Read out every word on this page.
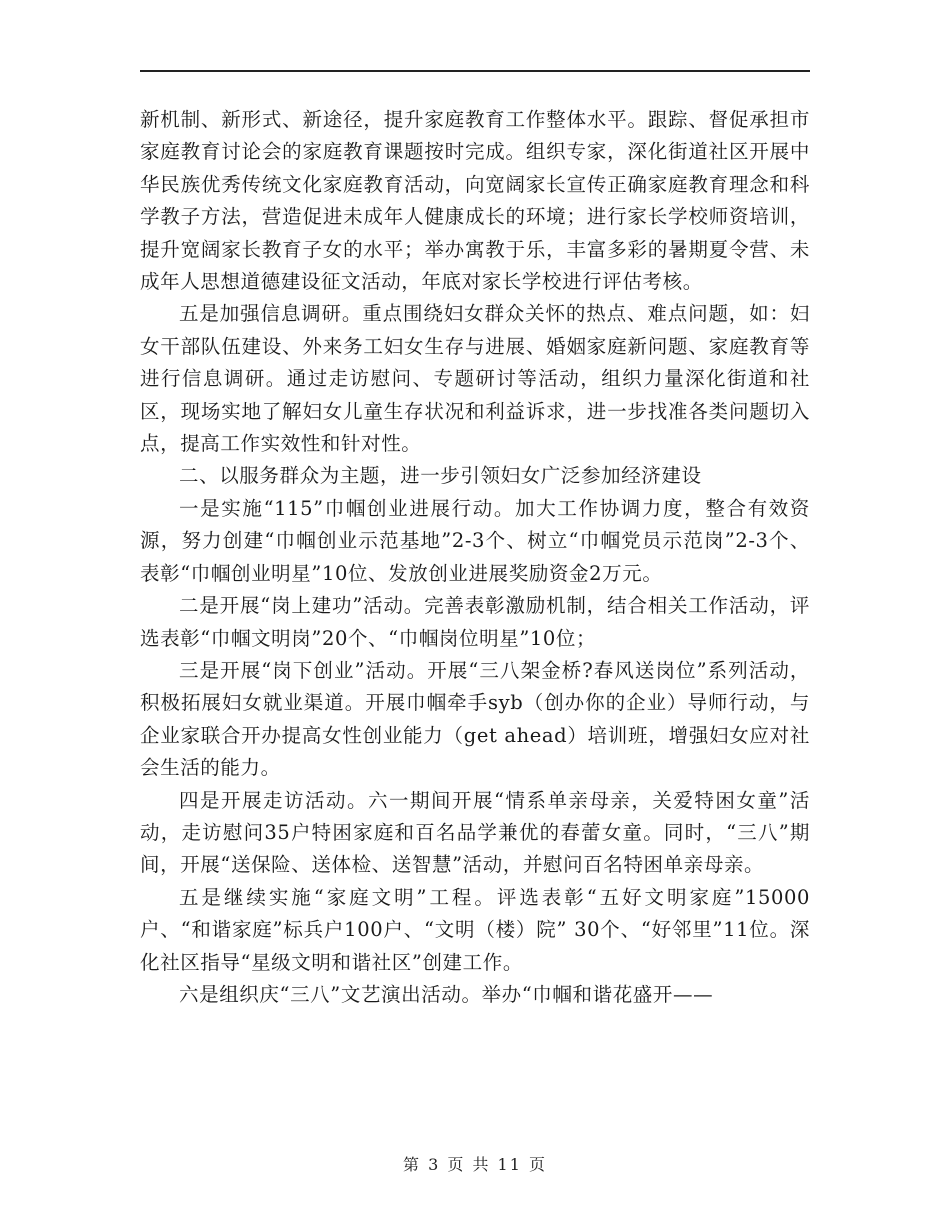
新机制、新形式、新途径，提升家庭教育工作整体水平。跟踪、督促承担市家庭教育讨论会的家庭教育课题按时完成。组织专家，深化街道社区开展中华民族优秀传统文化家庭教育活动，向宽阔家长宣传正确家庭教育理念和科学教子方法，营造促进未成年人健康成长的环境；进行家长学校师资培训，提升宽阔家长教育子女的水平；举办寓教于乐，丰富多彩的暑期夏令营、未成年人思想道德建设征文活动，年底对家长学校进行评估考核。

五是加强信息调研。重点围绕妇女群众关怀的热点、难点问题，如：妇女干部队伍建设、外来务工妇女生存与进展、婚姻家庭新问题、家庭教育等进行信息调研。通过走访慰问、专题研讨等活动，组织力量深化街道和社区，现场实地了解妇女儿童生存状况和利益诉求，进一步找准各类问题切入点，提高工作实效性和针对性。

二、以服务群众为主题，进一步引领妇女广泛参加经济建设

一是实施“115”巾帼创业进展行动。加大工作协调力度，整合有效资源，努力创建“巾帼创业示范基地”2-3个、树立“巾帼党员示范岗”2-3个、表彰“巾帼创业明星”10位、发放创业进展奖励资金2万元。

二是开展“岗上建功”活动。完善表彰激励机制，结合相关工作活动，评选表彰“巾帼文明岗”20个、“巾帼岗位明星”10位；

三是开展“岗下创业”活动。开展“三八架金桥?春风送岗位”系列活动，积极拓展妇女就业渠道。开展巾帼牵手syb（创办你的企业）导师行动，与企业家联合开办提高女性创业能力（get ahead）培训班，增强妇女应对社会生活的能力。

四是开展走访活动。六一期间开展“情系单亲母亲，关爱特困女童”活动，走访慰问35户特困家庭和百名品学兼优的春蕾女童。同时，“三八”期间，开展“送保险、送体检、送智慧”活动，并慰问百名特困单亲母亲。

五是继续实施“家庭文明”工程。评选表彰“五好文明家庭”15000户、“和谐家庭”标兵户100户、“文明（楼）院” 30个、“好邻里”11位。深化社区指导“星级文明和谐社区”创建工作。

六是组织庆“三八”文艺演出活动。举办“巾帼和谐花盛开——

第 3 页 共 11 页
